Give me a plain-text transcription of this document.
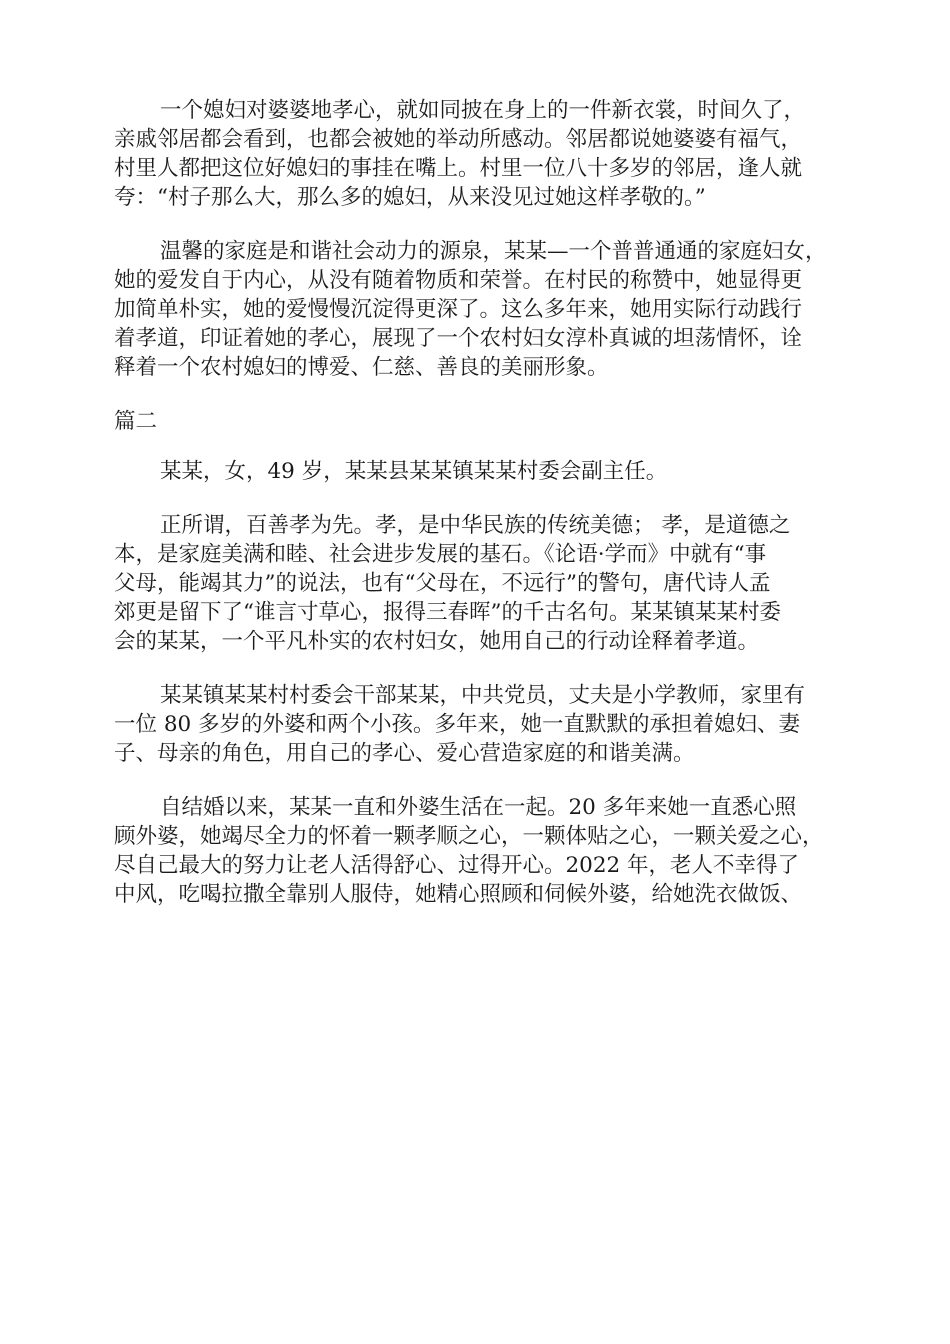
一个媳妇对婆婆地孝心，就如同披在身上的一件新衣裳，时间久了，
亲戚邻居都会看到，也都会被她的举动所感动。邻居都说她婆婆有福气，
村里人都把这位好媳妇的事挂在嘴上。村里一位八十多岁的邻居，逢人就
夸：“村子那么大，那么多的媳妇，从来没见过她这样孝敬的。”

温馨的家庭是和谐社会动力的源泉，某某—一个普普通通的家庭妇女，
她的爱发自于内心，从没有随着物质和荣誉。在村民的称赞中，她显得更
加简单朴实，她的爱慢慢沉淀得更深了。这么多年来，她用实际行动践行
着孝道，印证着她的孝心，展现了一个农村妇女淳朴真诚的坦荡情怀，诠
释着一个农村媳妇的博爱、仁慈、善良的美丽形象。

篇二

某某，女，49 岁，某某县某某镇某某村委会副主任。

正所谓，百善孝为先。孝，是中华民族的传统美德； 孝，是道德之
本，是家庭美满和睦、社会进步发展的基石。《论语·学而》中就有“事
父母，能竭其力”的说法，也有“父母在，不远行”的警句，唐代诗人孟
郊更是留下了“谁言寸草心，报得三春晖”的千古名句。某某镇某某村委
会的某某，一个平凡朴实的农村妇女，她用自己的行动诠释着孝道。

某某镇某某村村委会干部某某，中共党员，丈夫是小学教师，家里有
一位 80 多岁的外婆和两个小孩。多年来，她一直默默的承担着媳妇、妻
子、母亲的角色，用自己的孝心、爱心营造家庭的和谐美满。

自结婚以来，某某一直和外婆生活在一起。20 多年来她一直悉心照
顾外婆，她竭尽全力的怀着一颗孝顺之心，一颗体贴之心，一颗关爱之心，
尽自己最大的努力让老人活得舒心、过得开心。2022 年，老人不幸得了
中风，吃喝拉撒全靠别人服侍，她精心照顾和伺候外婆，给她洗衣做饭、
